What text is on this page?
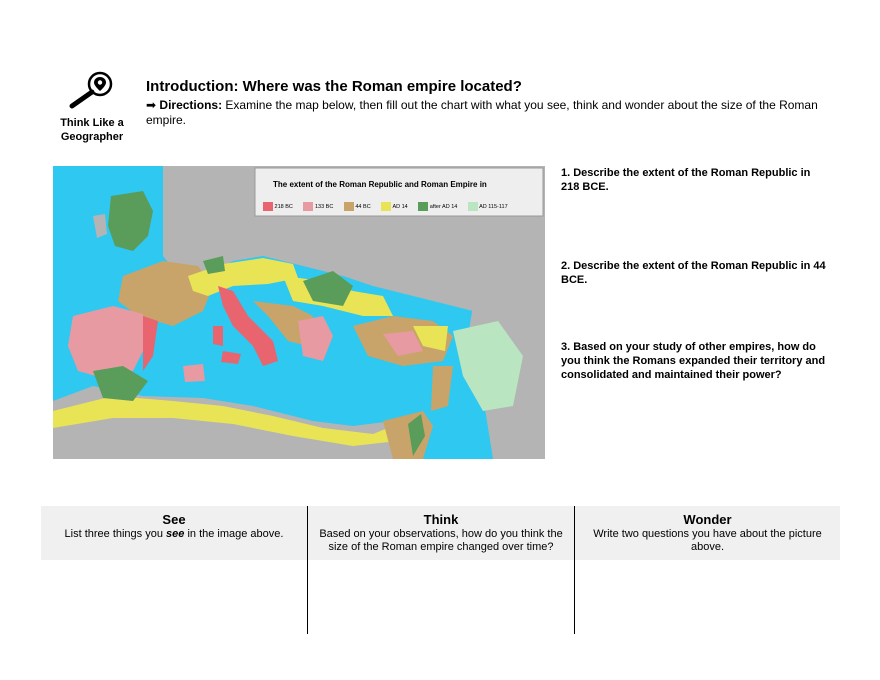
Think Like a Geographer
Introduction: Where was the Roman empire located?
➡ Directions: Examine the map below, then fill out the chart with what you see, think and wonder about the size of the Roman empire.
The extent of the Roman Republic and Roman Empire in
218 BC	133 BC	44 BC	AD 14	after AD 14	AD 115-117
1. Describe the extent of the Roman Republic in 218 BCE.
2. Describe the extent of the Roman Republic in 44 BCE.
3. Based on your study of other empires, how do you think the Romans expanded their territory and consolidated and maintained their power?
See
List three things you see in the image above.
Think
Based on your observations, how do you think the size of the Roman empire changed over time?
Wonder
Write two questions you have about the picture above.
